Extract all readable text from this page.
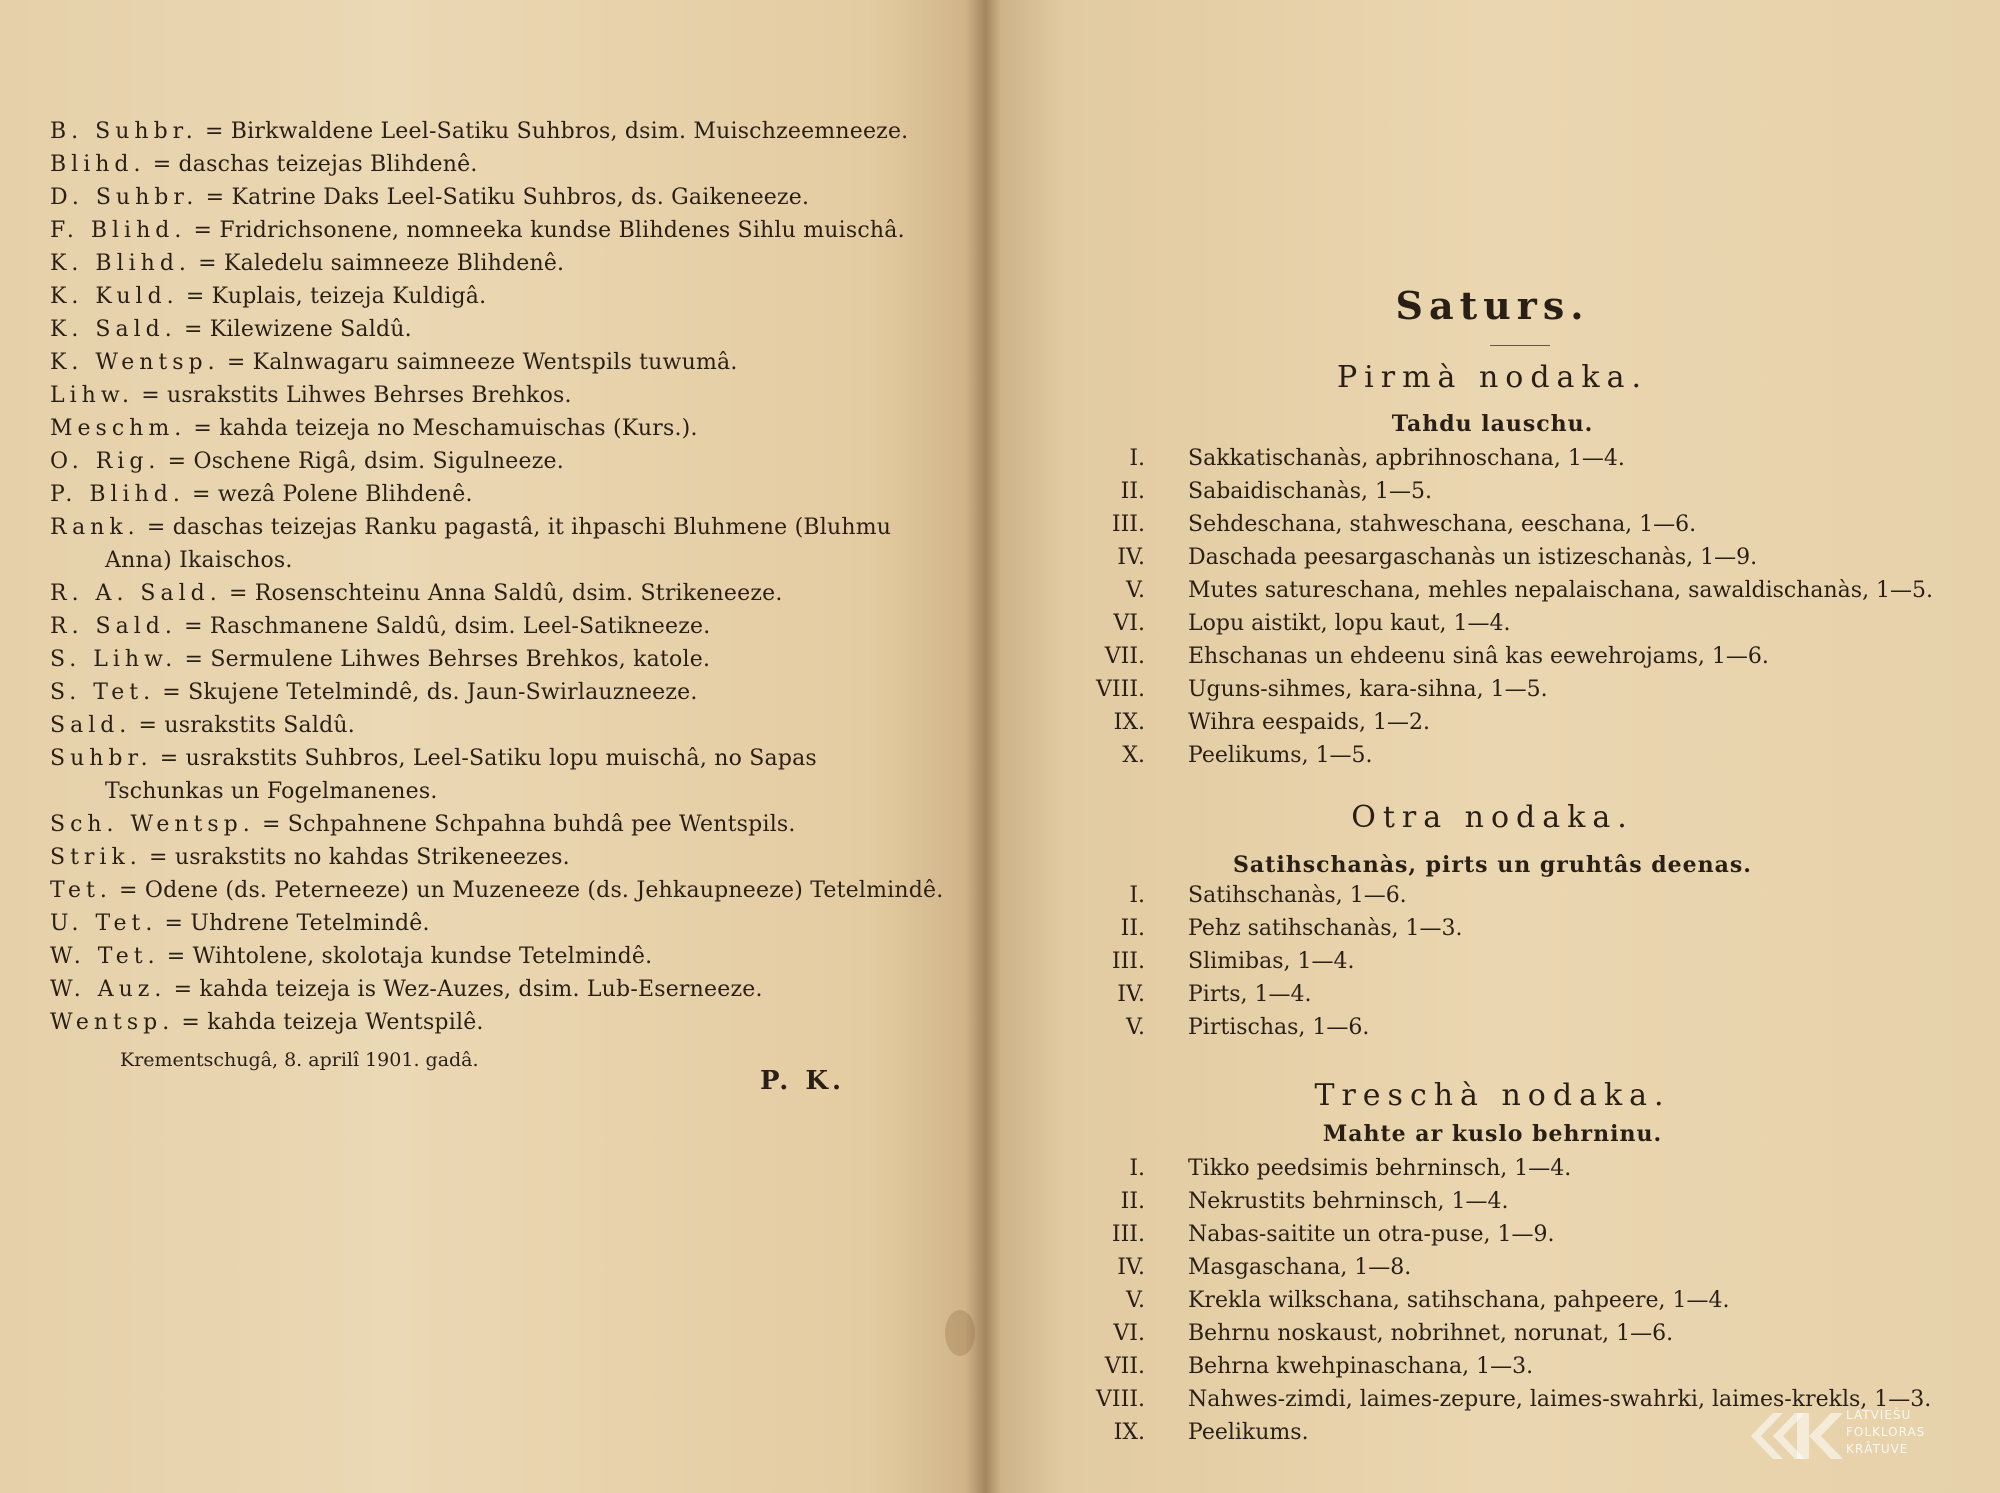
B. Suhbr. = Birkwaldene Leel-Satiku Suhbros, dsim. Muischzeemneeze.
Blihd. = daschas teizejas Blihdenê.
D. Suhbr. = Katrine Daks Leel-Satiku Suhbros, ds. Gaikeneeze.
F. Blihd. = Fridrichsonene, nomneeka kundse Blihdenes Sihlu muischâ.
K. Blihd. = Kaledelu saimneeze Blihdenê.
K. Kuld. = Kuplais, teizeja Kuldigâ.
K. Sald. = Kilewizene Saldû.
K. Wentsp. = Kalnwagaru saimneeze Wentspils tuwumâ.
Lihw. = usrakstits Lihwes Behrses Brehkos.
Meschm. = kahda teizeja no Meschamuischas (Kurs.).
O. Rig. = Oschene Rigâ, dsim. Sigulneeze.
P. Blihd. = wezâ Polene Blihdenê.
Rank. = daschas teizejas Ranku pagastâ, it ihpaschi Bluhmene (Bluhmu
Anna) Ikaischos.
R. A. Sald. = Rosenschteinu Anna Saldû, dsim. Strikeneeze.
R. Sald. = Raschmanene Saldû, dsim. Leel-Satikneeze.
S. Lihw. = Sermulene Lihwes Behrses Brehkos, katole.
S. Tet. = Skujene Tetelmindê, ds. Jaun-Swirlauzneeze.
Sald. = usrakstits Saldû.
Suhbr. = usrakstits Suhbros, Leel-Satiku lopu muischâ, no Sapas
Tschunkas un Fogelmanenes.
Sch. Wentsp. = Schpahnene Schpahna buhdâ pee Wentspils.
Strik. = usrakstits no kahdas Strikeneezes.
Tet. = Odene (ds. Peterneeze) un Muzeneeze (ds. Jehkaupneeze) Tetelmindê.
U. Tet. = Uhdrene Tetelmindê.
W. Tet. = Wihtolene, skolotaja kundse Tetelmindê.
W. Auz. = kahda teizeja is Wez-Auzes, dsim. Lub-Eserneeze.
Wentsp. = kahda teizeja Wentspilê.
Krementschugâ, 8. aprilî 1901. gadâ.
P. K.
Saturs.
Pirmà nodaka.
Tahdu lauschu.
I. Sakkatischanàs, apbrihnoschana, 1—4.
II. Sabaidischanàs, 1—5.
III. Sehdeschana, stahweschana, eeschana, 1—6.
IV. Daschada peesargaschanàs un istizeschanàs, 1—9.
V. Mutes satureschana, mehles nepalaischana, sawaldischanàs, 1—5.
VI. Lopu aistikt, lopu kaut, 1—4.
VII. Ehschanas un ehdeenu sinâ kas eewehrojams, 1—6.
VIII. Uguns-sihmes, kara-sihna, 1—5.
IX. Wihra eespaids, 1—2.
X. Peelikums, 1—5.
Otra nodaka.
Satihschanàs, pirts un gruhtâs deenas.
I. Satihschanàs, 1—6.
II. Pehz satihschanàs, 1—3.
III. Slimibas, 1—4.
IV. Pirts, 1—4.
V. Pirtischas, 1—6.
Treschà nodaka.
Mahte ar kuslo behrninu.
I. Tikko peedsimis behrninsch, 1—4.
II. Nekrustits behrninsch, 1—4.
III. Nabas-saitite un otra-puse, 1—9.
IV. Masgaschana, 1—8.
V. Krekla wilkschana, satihschana, pahpeere, 1—4.
VI. Behrnu noskaust, nobrihnet, norunat, 1—6.
VII. Behrna kwehpinaschana, 1—3.
VIII. Nahwes-zimdi, laimes-zepure, laimes-swahrki, laimes-krekls, 1—3.
IX. Peelikums.
LATVIEŠU
FOLKLORAS
KRĀTUVE
